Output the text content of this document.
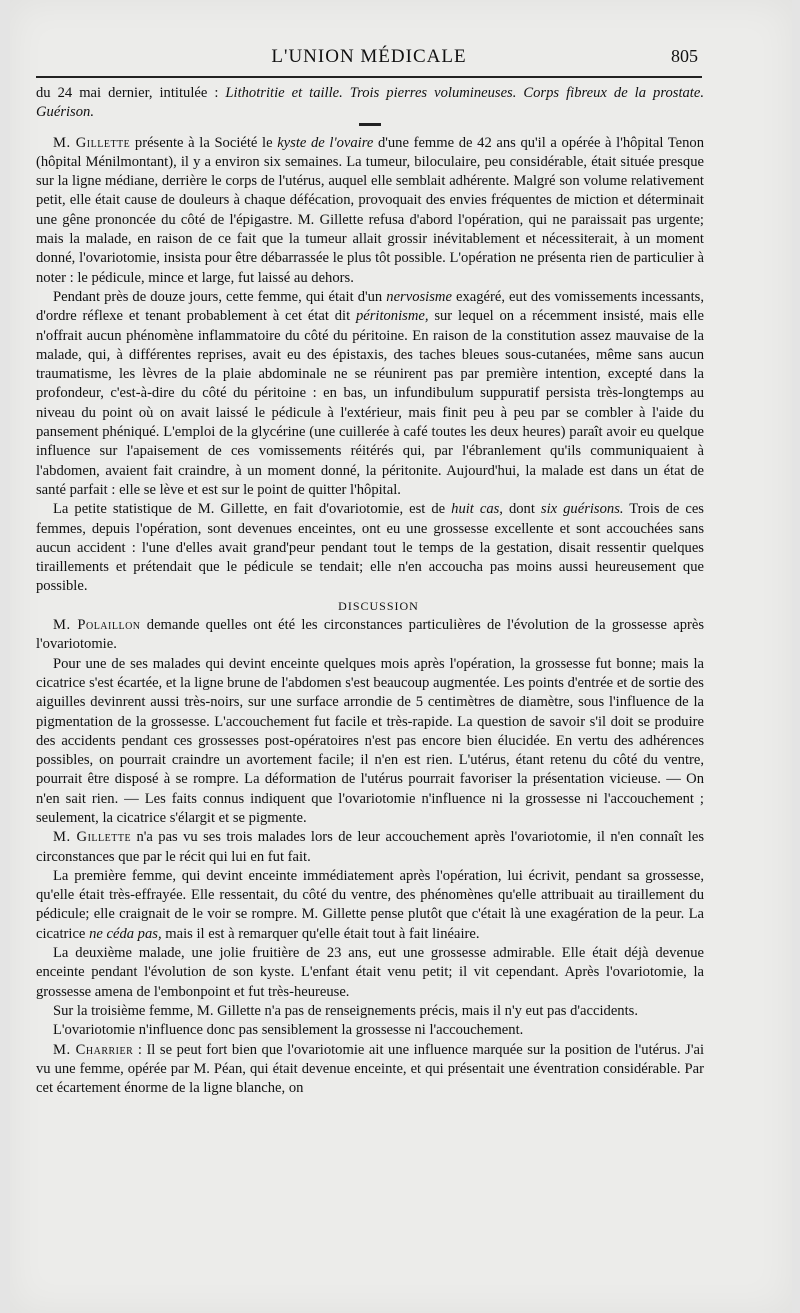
L'UNION MÉDICALE	805

du 24 mai dernier, intitulée : Lithotritie et taille. Trois pierres volumineuses. Corps fibreux de la prostate. Guérison.

M. Gillette présente à la Société le kyste de l'ovaire d'une femme de 42 ans qu'il a opérée à l'hôpital Tenon (hôpital Ménilmontant), il y a environ six semaines. La tumeur, biloculaire, peu considérable, était située presque sur la ligne médiane, derrière le corps de l'utérus, auquel elle semblait adhérente. Malgré son volume relativement petit, elle était cause de douleurs à chaque défécation, provoquait des envies fréquentes de miction et déterminait une gêne prononcée du côté de l'épigastre. M. Gillette refusa d'abord l'opération, qui ne paraissait pas urgente; mais la malade, en raison de ce fait que la tumeur allait grossir inévitablement et nécessiterait, à un moment donné, l'ovariotomie, insista pour être débarrassée le plus tôt possible. L'opération ne présenta rien de particulier à noter : le pédicule, mince et large, fut laissé au dehors.

Pendant près de douze jours, cette femme, qui était d'un nervosisme exagéré, eut des vomissements incessants, d'ordre réflexe et tenant probablement à cet état dit péritonisme, sur lequel on a récemment insisté, mais elle n'offrait aucun phénomène inflammatoire du côté du péritoine. En raison de la constitution assez mauvaise de la malade, qui, à différentes reprises, avait eu des épistaxis, des taches bleues sous-cutanées, même sans aucun traumatisme, les lèvres de la plaie abdominale ne se réunirent pas par première intention, excepté dans la profondeur, c'est-à-dire du côté du péritoine : en bas, un infundibulum suppuratif persista très-longtemps au niveau du point où on avait laissé le pédicule à l'extérieur, mais finit peu à peu par se combler à l'aide du pansement phéniqué. L'emploi de la glycérine (une cuillerée à café toutes les deux heures) paraît avoir eu quelque influence sur l'apaisement de ces vomissements réitérés qui, par l'ébranlement qu'ils communiquaient à l'abdomen, avaient fait craindre, à un moment donné, la péritonite. Aujourd'hui, la malade est dans un état de santé parfait : elle se lève et est sur le point de quitter l'hôpital.

La petite statistique de M. Gillette, en fait d'ovariotomie, est de huit cas, dont six guérisons. Trois de ces femmes, depuis l'opération, sont devenues enceintes, ont eu une grossesse excellente et sont accouchées sans aucun accident : l'une d'elles avait grand'peur pendant tout le temps de la gestation, disait ressentir quelques tiraillements et prétendait que le pédicule se tendait; elle n'en accoucha pas moins aussi heureusement que possible.

DISCUSSION

M. Polaillon demande quelles ont été les circonstances particulières de l'évolution de la grossesse après l'ovariotomie.

Pour une de ses malades qui devint enceinte quelques mois après l'opération, la grossesse fut bonne; mais la cicatrice s'est écartée, et la ligne brune de l'abdomen s'est beaucoup augmentée. Les points d'entrée et de sortie des aiguilles devinrent aussi très-noirs, sur une surface arrondie de 5 centimètres de diamètre, sous l'influence de la pigmentation de la grossesse. L'accouchement fut facile et très-rapide. La question de savoir s'il doit se produire des accidents pendant ces grossesses post-opératoires n'est pas encore bien élucidée. En vertu des adhérences possibles, on pourrait craindre un avortement facile; il n'en est rien. L'utérus, étant retenu du côté du ventre, pourrait être disposé à se rompre. La déformation de l'utérus pourrait favoriser la présentation vicieuse. — On n'en sait rien. — Les faits connus indiquent que l'ovariotomie n'influence ni la grossesse ni l'accouchement ; seulement, la cicatrice s'élargit et se pigmente.

M. Gillette n'a pas vu ses trois malades lors de leur accouchement après l'ovariotomie, il n'en connaît les circonstances que par le récit qui lui en fut fait.

La première femme, qui devint enceinte immédiatement après l'opération, lui écrivit, pendant sa grossesse, qu'elle était très-effrayée. Elle ressentait, du côté du ventre, des phénomènes qu'elle attribuait au tiraillement du pédicule; elle craignait de le voir se rompre. M. Gillette pense plutôt que c'était là une exagération de la peur. La cicatrice ne céda pas, mais il est à remarquer qu'elle était tout à fait linéaire.

La deuxième malade, une jolie fruitière de 23 ans, eut une grossesse admirable. Elle était déjà devenue enceinte pendant l'évolution de son kyste. L'enfant était venu petit; il vit cependant. Après l'ovariotomie, la grossesse amena de l'embonpoint et fut très-heureuse.

Sur la troisième femme, M. Gillette n'a pas de renseignements précis, mais il n'y eut pas d'accidents.

L'ovariotomie n'influence donc pas sensiblement la grossesse ni l'accouchement.

M. Charrier : Il se peut fort bien que l'ovariotomie ait une influence marquée sur la position de l'utérus. J'ai vu une femme, opérée par M. Péan, qui était devenue enceinte, et qui présentait une éventration considérable. Par cet écartement énorme de la ligne blanche, on
